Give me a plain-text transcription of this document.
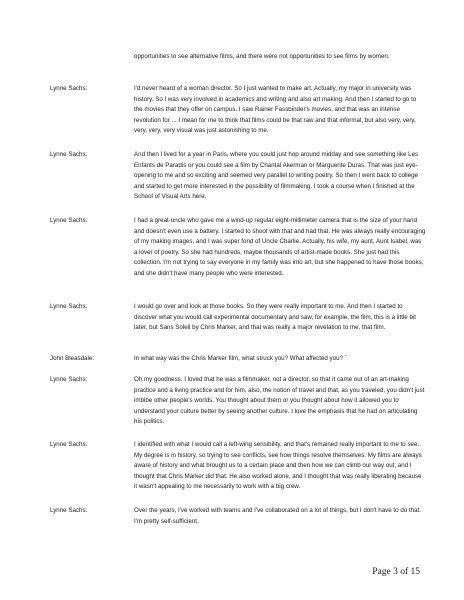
opportunities to see alternative films, and there were not opportunities to see films by women.

Lynne Sachs:	I'd never heard of a woman director. So I just wanted to make art. Actually, my major in university was history. So I was very involved in academics and writing and also art making. And then I started to go to the movies that they offer on campus. I saw Rainer Fassbinder's movies, and that was an intense revolution for ... I mean for me to think that films could be that raw and that informal, but also very, very, very, very, very visual was just astonishing to me.

Lynne Sachs:	And then I lived for a year in Paris, where you could just hop around midday and see something like Les Enfants de Paradis or you could see a film by Chantal Akerman or Marguerite Duras. That was just eye-opening to me and so exciting and seemed very parallel to writing poetry. So then I went back to college and started to get more interested in the possibility of filmmaking. I took a course when I finished at the School of Visual Arts here.

Lynne Sachs:	I had a great-uncle who gave me a wind-up regular eight-millimeter camera that is the size of your hand and doesn't even use a battery. I started to shoot with that and had that. He was always really encouraging of my making images, and I was super fond of Uncle Charlie. Actually, his wife, my aunt, Aunt Isabel, was a lover of poetry. So she had hundreds, maybe thousands of artist-made books. She just had this collection. I'm not trying to say everyone in my family was into art, but she happened to have those books, and she didn't have many people who were interested.

Lynne Sachs:	I would go over and look at those books. So they were really important to me. And then I started to discover what you would call experimental documentary and saw, for example, the film, this is a little bit later, but Sans Soleil by Chris Marker, and that was really a major revelation to me, that film.

John Bleasdale:	In what way was the Chris Marker film, what struck you? What affected you? `

Lynne Sachs:	Oh my goodness. I loved that he was a filmmaker, not a director, so that it came out of an art-making practice and a living practice and for him, also, the notion of travel and that, as you traveled, you didn't just imbibe other people's worlds. You thought about them or you thought about how it allowed you to understand your culture better by seeing another culture. I love the emphasis that he had on articulating his politics.

Lynne Sachs:	I identified with what I would call a left-wing sensibility, and that's remained really important to me to see. My degree is in history, so trying to see conflicts, see how things resolve themselves. My films are always aware of history and what brought us to a certain place and then how we can climb our way out, and I thought that Chris Marker did that. He also worked alone, and I thought that was really liberating because it wasn't appealing to me necessarily to work with a big crew.

Lynne Sachs:	Over the years, I've worked with teams and I've collaborated on a lot of things, but I don't have to do that. I'm pretty self-sufficient.

Page 3 of 15
